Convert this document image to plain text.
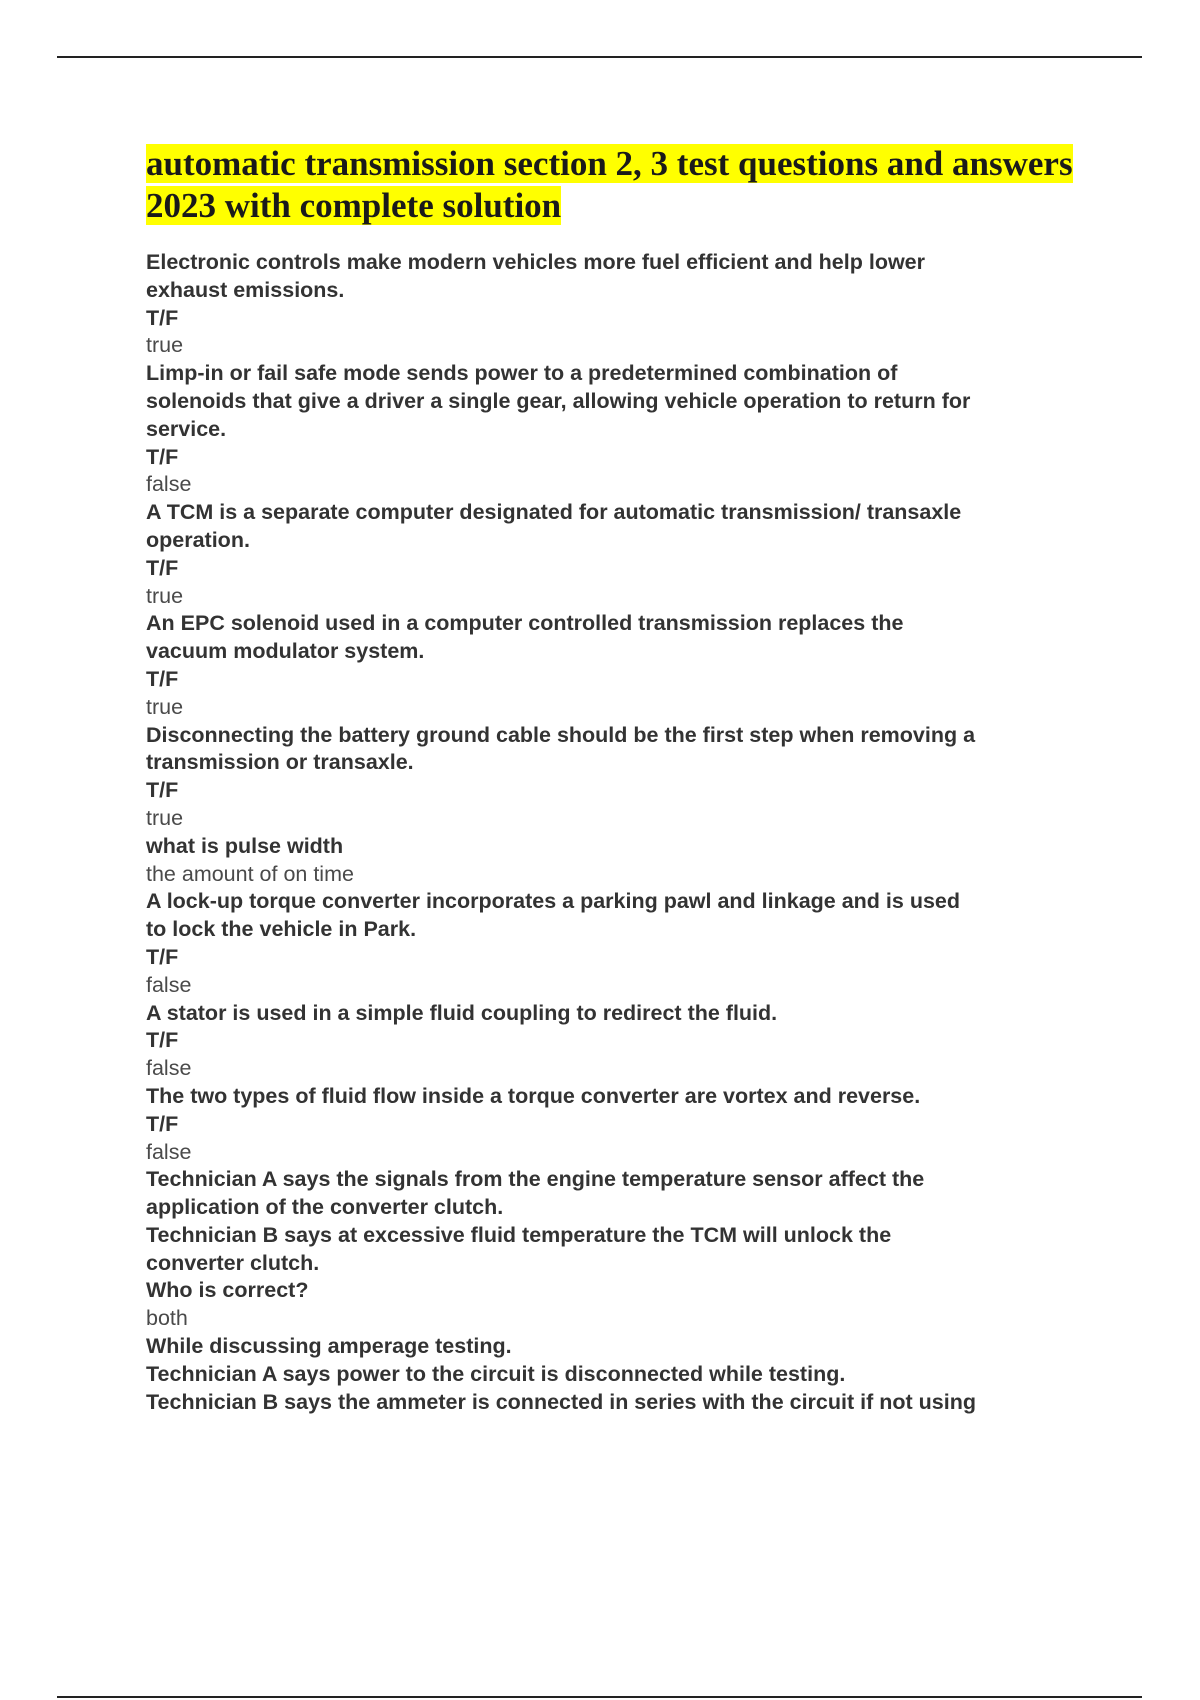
automatic transmission section 2, 3 test questions and answers 2023 with complete solution

Electronic controls make modern vehicles more fuel efficient and help lower
exhaust emissions.
T/F

true

Limp-in or fail safe mode sends power to a predetermined combination of
solenoids that give a driver a single gear, allowing vehicle operation to return for
service.
T/F

false

A TCM is a separate computer designated for automatic transmission/ transaxle
operation.
T/F

true

An EPC solenoid used in a computer controlled transmission replaces the
vacuum modulator system.
T/F

true

Disconnecting the battery ground cable should be the first step when removing a
transmission or transaxle.
T/F

true

what is pulse width

the amount of on time

A lock-up torque converter incorporates a parking pawl and linkage and is used
to lock the vehicle in Park.
T/F

false

A stator is used in a simple fluid coupling to redirect the fluid.
T/F

false

The two types of fluid flow inside a torque converter are vortex and reverse.
T/F

false

Technician A says the signals from the engine temperature sensor affect the
application of the converter clutch.
Technician B says at excessive fluid temperature the TCM will unlock the
converter clutch.
Who is correct?

both

While discussing amperage testing.
Technician A says power to the circuit is disconnected while testing.
Technician B says the ammeter is connected in series with the circuit if not using
